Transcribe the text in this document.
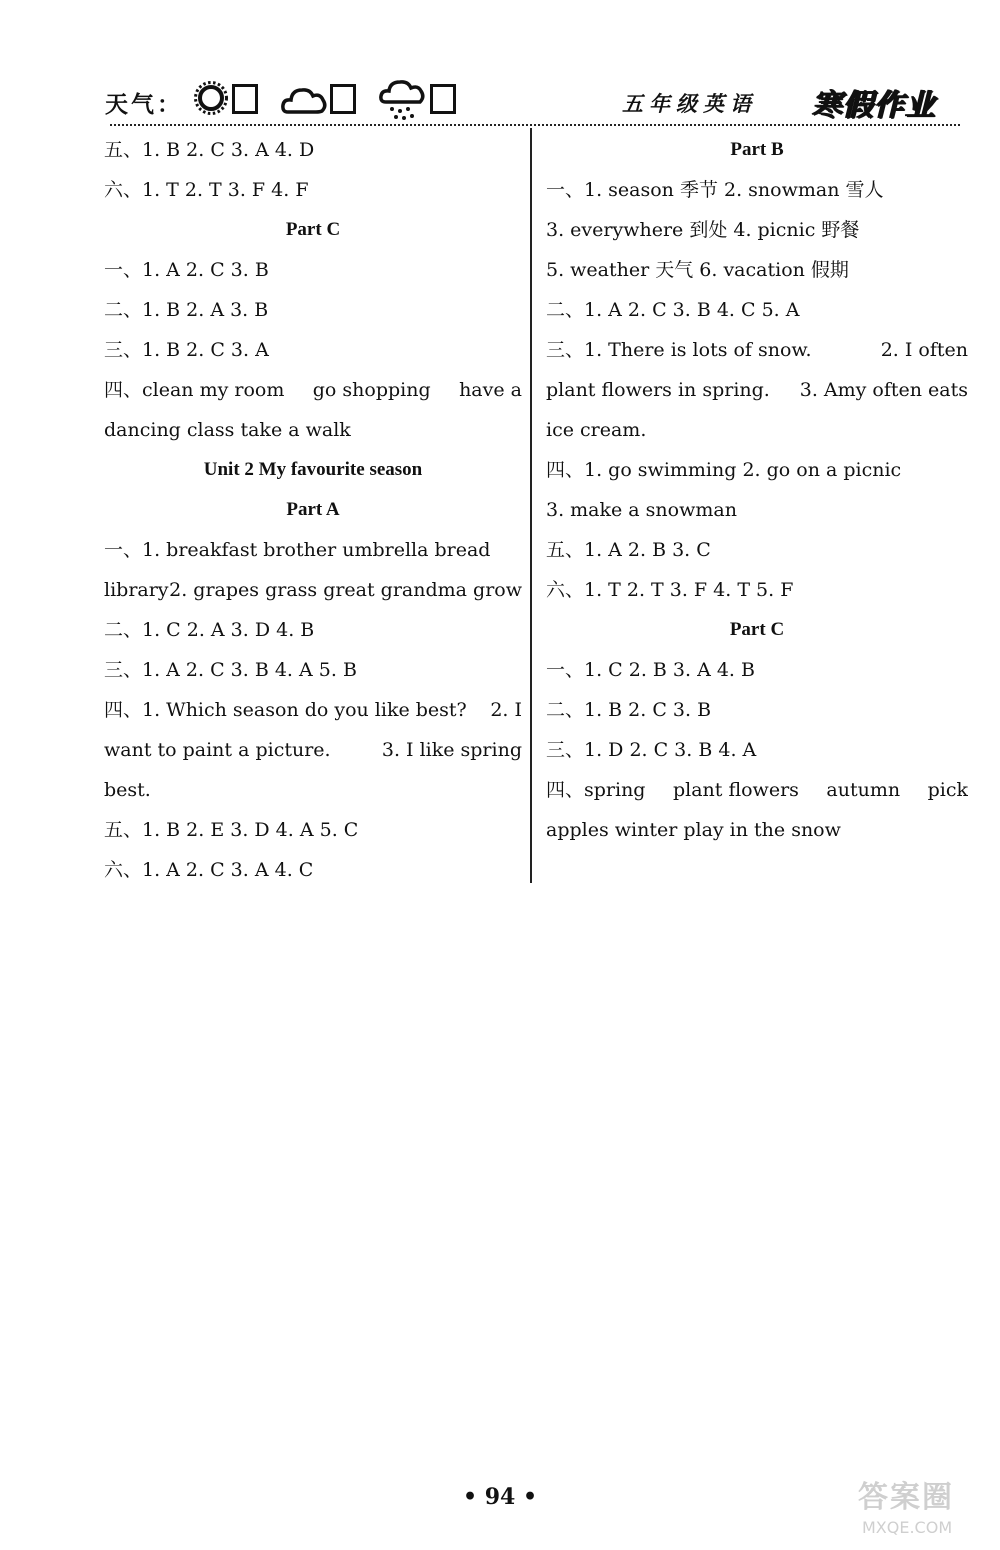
天气：	五年级英语 寒假作业
五、1. B 2. C 3. A 4. D
六、1. T 2. T 3. F 4. F
Part C
一、1. A 2. C 3. B
二、1. B 2. A 3. B
三、1. B 2. C 3. A
四、clean my room go shopping have a
dancing class take a walk
Unit 2 My favourite season
Part A
一、1. breakfast brother umbrella bread
library 2. grapes grass great grandma grow
二、1. C 2. A 3. D 4. B
三、1. A 2. C 3. B 4. A 5. B
四、1. Which season do you like best? 2. I
want to paint a picture.	3. I like spring
best.
五、1. B 2. E 3. D 4. A 5. C
六、1. A 2. C 3. A 4. C
Part B
一、1. season 季节 2. snowman 雪人
3. everywhere 到处 4. picnic 野餐
5. weather 天气 6. vacation 假期
二、1. A 2. C 3. B 4. C 5. A
三、1. There is lots of snow.	2. I often
plant flowers in spring. 3. Amy often eats
ice cream.
四、1. go swimming 2. go on a picnic
3. make a snowman
五、1. A 2. B 3. C
六、1. T 2. T 3. F 4. T 5. F
Part C
一、1. C 2. B 3. A 4. B
二、1. B 2. C 3. B
三、1. D 2. C 3. B 4. A
四、spring plant flowers autumn pick
apples winter play in the snow
• 94 •	答案圈
MXQE.COM
